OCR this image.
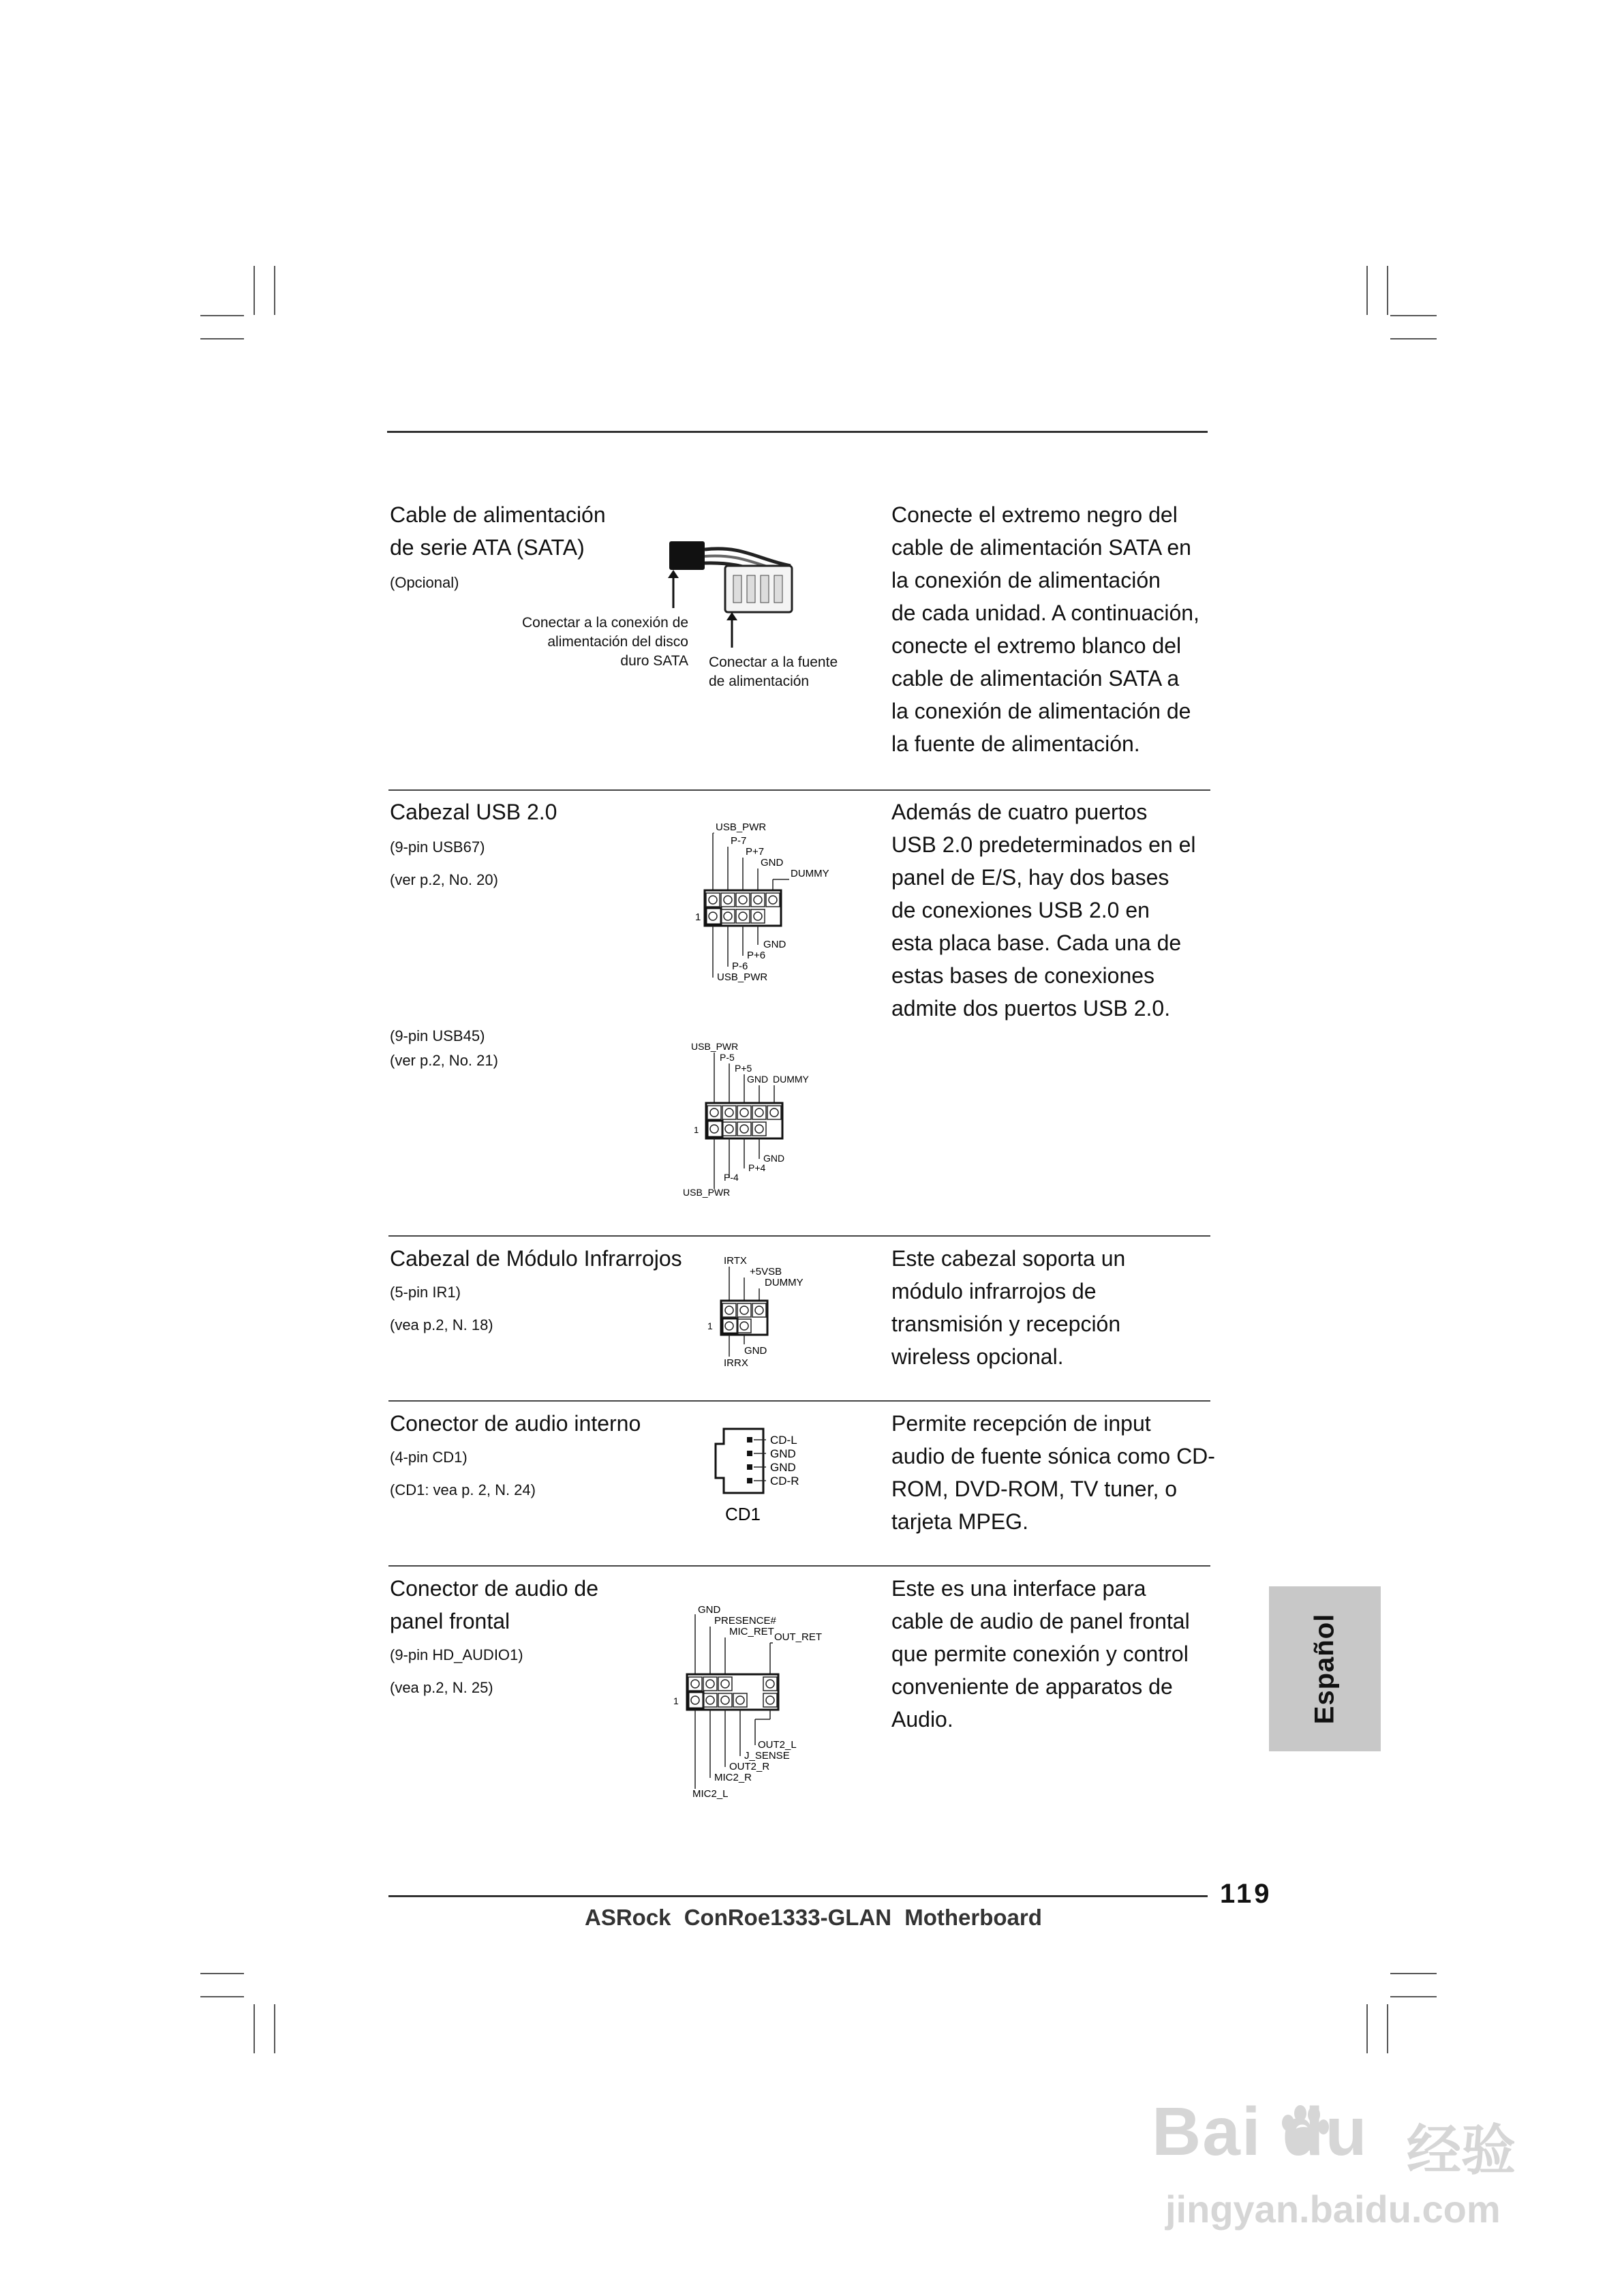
Cable de alimentación
de serie ATA (SATA)
(Opcional)
Conectar a la conexión de
alimentación del disco
duro SATA Conectar a la fuente
de alimentación
Conecte el extremo negro del
cable de alimentación SATA en
la conexión de alimentación
de cada unidad. A continuación,
conecte el extremo blanco del
cable de alimentación SATA a
la conexión de alimentación de
la fuente de alimentación.
Cabezal USB 2.0
(9-pin USB67)
(ver p.2, No. 20)
USB_PWR
P-7
P+7
GND
DUMMY
1
GND
P+6
P-6
USB_PWR
(9-pin USB45)
(ver p.2, No. 21)
USB_PWR
P-5
P+5
GND DUMMY
1
GND
P+4
P-4
USB_PWR
Además de cuatro puertos
USB 2.0 predeterminados en el
panel de E/S, hay dos bases
de conexiones USB 2.0 en
esta placa base. Cada una de
estas bases de conexiones
admite dos puertos USB 2.0.
Cabezal de Módulo Infrarrojos
(5-pin IR1)
(vea p.2, N. 18)
IRTX
+5VSB
DUMMY
1
GND
IRRX
Este cabezal soporta un
módulo infrarrojos de
transmisión y recepción
wireless opcional.
Conector de audio interno
(4-pin CD1)
(CD1: vea p. 2, N. 24)
CD-L
GND
GND
CD-R
CD1
Permite recepción de input
audio de fuente sónica como CD-
ROM, DVD-ROM, TV tuner, o
tarjeta MPEG.
Conector de audio de
panel frontal
(9-pin HD_AUDIO1)
(vea p.2, N. 25)
GND
PRESENCE#
MIC_RET OUT_RET
1
OUT2_L
J_SENSE
OUT2_R
MIC2_R
MIC2_L
Este es una interface para
cable de audio de panel frontal
que permite conexión y control
conveniente de apparatos de
Audio.	Español
119
ASRock ConRoe1333-GLAN Motherboard
Bai du 经验
jingyan.baidu.com
